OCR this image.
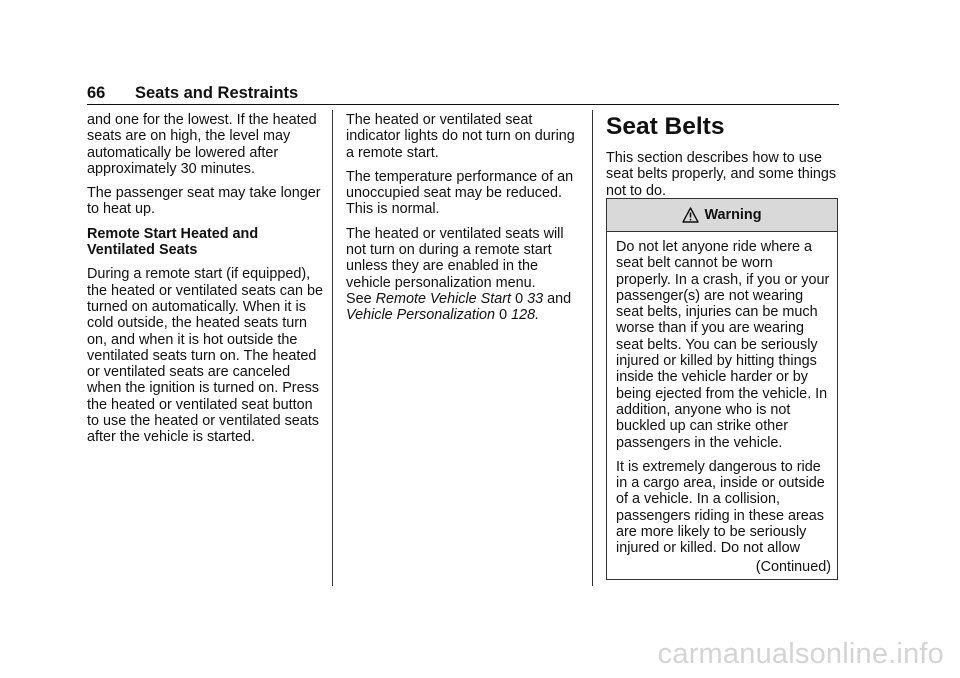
66 Seats and Restraints

and one for the lowest. If the heated seats are on high, the level may automatically be lowered after approximately 30 minutes.

The passenger seat may take longer to heat up.

Remote Start Heated and Ventilated Seats

During a remote start (if equipped), the heated or ventilated seats can be turned on automatically. When it is cold outside, the heated seats turn on, and when it is hot outside the ventilated seats turn on. The heated or ventilated seats are canceled when the ignition is turned on. Press the heated or ventilated seat button to use the heated or ventilated seats after the vehicle is started.

The heated or ventilated seat indicator lights do not turn on during a remote start.

The temperature performance of an unoccupied seat may be reduced. This is normal.

The heated or ventilated seats will not turn on during a remote start unless they are enabled in the vehicle personalization menu.
See Remote Vehicle Start 0 33 and
Vehicle Personalization 0 128.

Seat Belts

This section describes how to use seat belts properly, and some things not to do.

Warning

Do not let anyone ride where a seat belt cannot be worn properly. In a crash, if you or your passenger(s) are not wearing seat belts, injuries can be much worse than if you are wearing seat belts. You can be seriously injured or killed by hitting things inside the vehicle harder or by being ejected from the vehicle. In addition, anyone who is not buckled up can strike other passengers in the vehicle.

It is extremely dangerous to ride in a cargo area, inside or outside of a vehicle. In a collision, passengers riding in these areas are more likely to be seriously injured or killed. Do not allow

(Continued)
carmanualsonline.info
